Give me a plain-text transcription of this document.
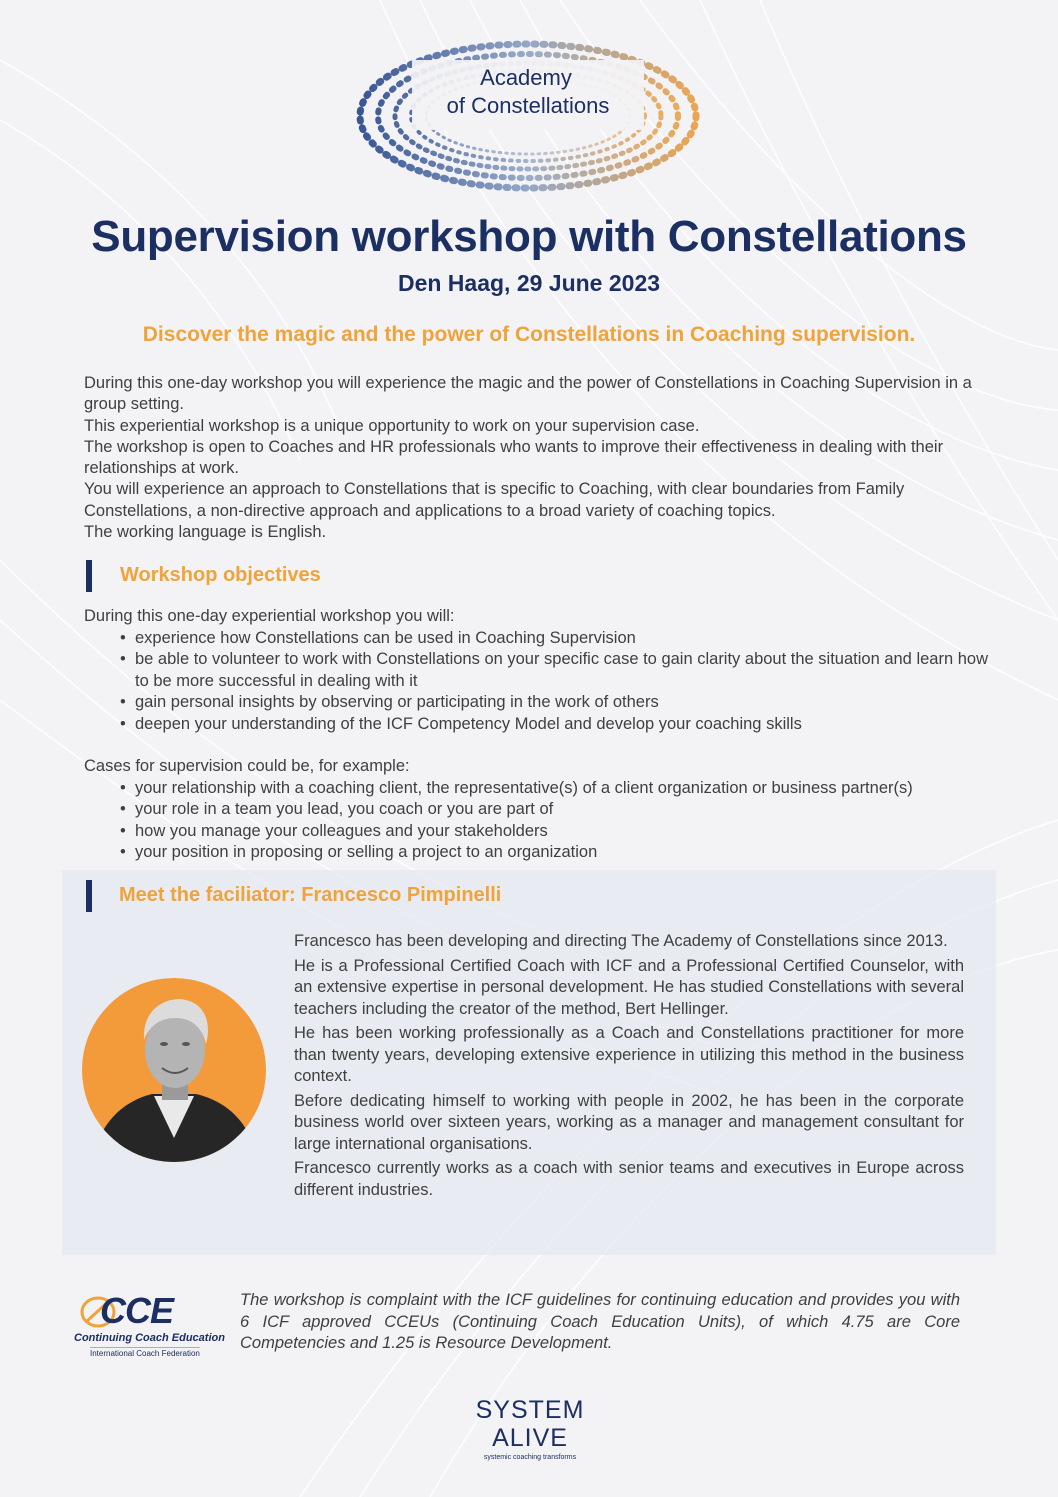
Academy
of Constellations
Supervision workshop with Constellations
Den Haag, 29 June 2023
Discover the magic and the power of Constellations in Coaching supervision.

During this one-day workshop you will experience the magic and the power of Constellations in Coaching Supervision in a group setting.

This experiential workshop is a unique opportunity to work on your supervision case.

The workshop is open to Coaches and HR professionals who wants to improve their effectiveness in dealing with their relationships at work.

You will experience an approach to Constellations that is specific to Coaching, with clear boundaries from Family Constellations, a non-directive approach and applications to a broad variety of coaching topics.

The working language is English.

Workshop objectives

During this one-day experiential workshop you will:

• experience how Constellations can be used in Coaching Supervision
• be able to volunteer to work with Constellations on your specific case to gain clarity about the situation and learn how to be more successful in dealing with it
• gain personal insights by observing or participating in the work of others
• deepen your understanding of the ICF Competency Model and develop your coaching skills

Cases for supervision could be, for example:

• your relationship with a coaching client, the representative(s) of a client organization or business partner(s)
• your role in a team you lead, you coach or you are part of
• how you manage your colleagues and your stakeholders
• your position in proposing or selling a project to an organization
Meet the faciliator: Francesco Pimpinelli

Francesco has been developing and directing The Academy of Constellations since 2013.

He is a Professional Certified Coach with ICF and a Professional Certified Counselor, with an extensive expertise in personal development. He has studied Constellations with several teachers including the creator of the method, Bert Hellinger.

He has been working professionally as a Coach and Constellations practitioner for more than twenty years, developing extensive experience in utilizing this method in the business context.

Before dedicating himself to working with people in 2002, he has been in the corporate business world over sixteen years, working as a manager and management consultant for large international organisations.

Francesco currently works as a coach with senior teams and executives in Europe across different industries.

CCE
Continuing Coach Education
International Coach Federation
The workshop is complaint with the ICF guidelines for continuing education and provides you with 6 ICF approved CCEUs (Continuing Coach Education Units), of which 4.75 are Core Competencies and 1.25 is Resource Development.
SYSTEM
ALIVE
systemic coaching transforms
